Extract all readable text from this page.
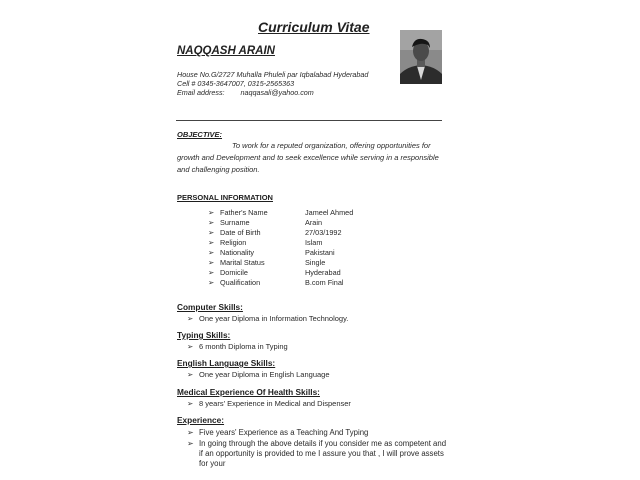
Curriculum Vitae
NAQQASH ARAIN
House No.G/2727 Muhalla Phuleli par Iqbalabad Hyderabad
Cell # 0345-3647007, 0315-2565363
Email address: naqqasali@yahoo.com
OBJECTIVE:
To work for a reputed organization, offering opportunities for
growth and Development and to seek excellence while serving in a responsible
and challenging position.
PERSONAL INFORMATION
➢ Father's Name	Jameel Ahmed
➢ Surname	Arain
➢ Date of Birth	27/03/1992
➢ Religion	Islam
➢ Nationality	Pakistani
➢ Marital Status	Single
➢ Domicile	Hyderabad
➢ Qualification	B.com Final
Computer Skills:
➢ One year Diploma in Information Technology.
Typing Skills:
➢ 6 month Diploma in Typing
English Language Skills:
➢ One year Diploma in English Language
Medical Experience Of Health Skills:
➢ 8 years' Experience in Medical and Dispenser
Experience:
➢ Five years' Experience as a Teaching And Typing
➢ In going through the above details if you consider me as competent and
if an opportunity is provided to me I assure you that , I will prove assets
for your
